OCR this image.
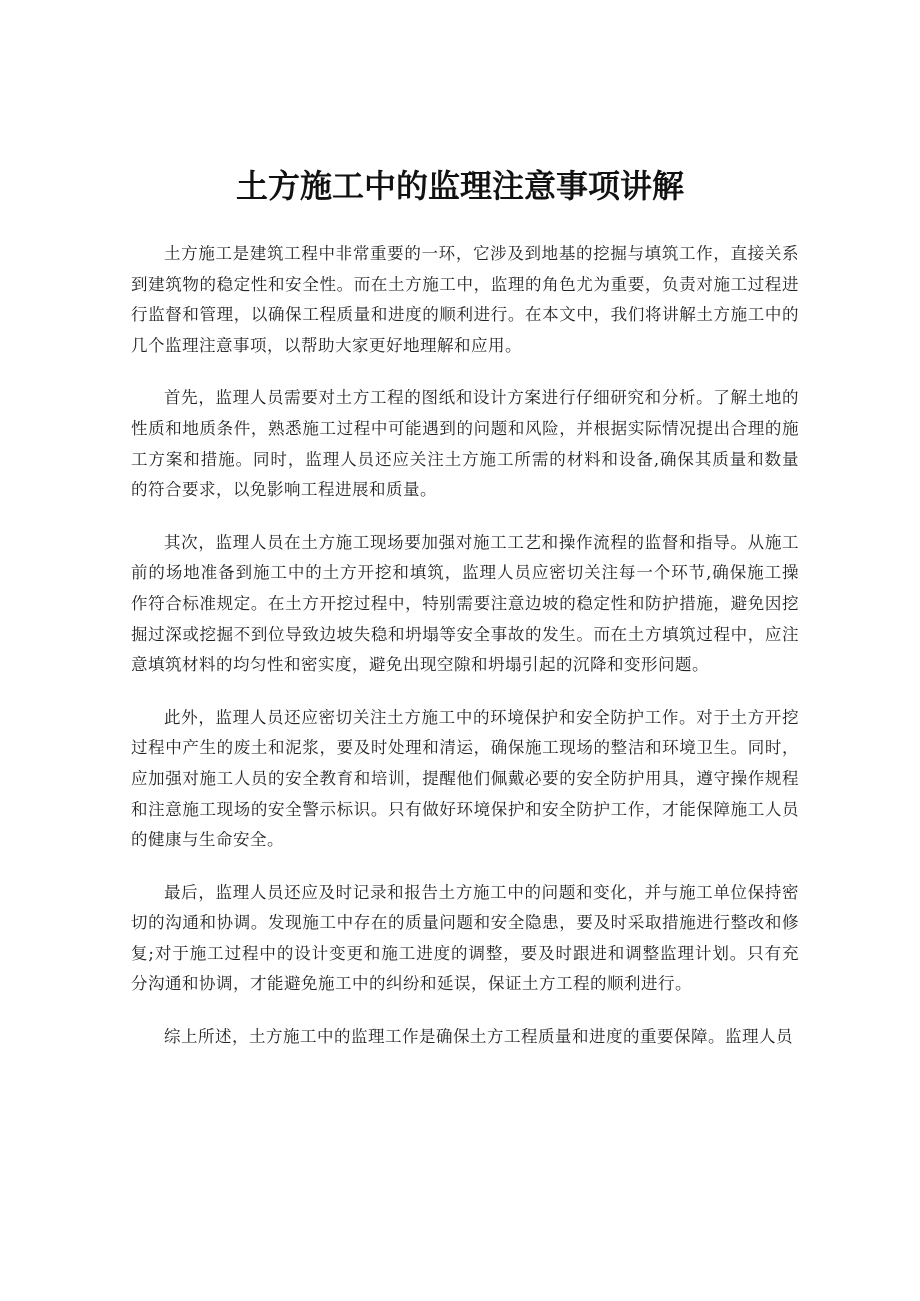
土方施工中的监理注意事项讲解

土方施工是建筑工程中非常重要的一环，它涉及到地基的挖掘与填筑工作，直接关系到建筑物的稳定性和安全性。而在土方施工中，监理的角色尤为重要，负责对施工过程进行监督和管理，以确保工程质量和进度的顺利进行。在本文中，我们将讲解土方施工中的几个监理注意事项，以帮助大家更好地理解和应用。

首先，监理人员需要对土方工程的图纸和设计方案进行仔细研究和分析。了解土地的性质和地质条件，熟悉施工过程中可能遇到的问题和风险，并根据实际情况提出合理的施工方案和措施。同时，监理人员还应关注土方施工所需的材料和设备,确保其质量和数量的符合要求，以免影响工程进展和质量。

其次，监理人员在土方施工现场要加强对施工工艺和操作流程的监督和指导。从施工前的场地准备到施工中的土方开挖和填筑，监理人员应密切关注每一个环节,确保施工操作符合标准规定。在土方开挖过程中，特别需要注意边坡的稳定性和防护措施，避免因挖掘过深或挖掘不到位导致边坡失稳和坍塌等安全事故的发生。而在土方填筑过程中，应注意填筑材料的均匀性和密实度，避免出现空隙和坍塌引起的沉降和变形问题。

此外，监理人员还应密切关注土方施工中的环境保护和安全防护工作。对于土方开挖过程中产生的废土和泥浆，要及时处理和清运，确保施工现场的整洁和环境卫生。同时，应加强对施工人员的安全教育和培训，提醒他们佩戴必要的安全防护用具，遵守操作规程和注意施工现场的安全警示标识。只有做好环境保护和安全防护工作，才能保障施工人员的健康与生命安全。

最后，监理人员还应及时记录和报告土方施工中的问题和变化，并与施工单位保持密切的沟通和协调。发现施工中存在的质量问题和安全隐患，要及时采取措施进行整改和修复;对于施工过程中的设计变更和施工进度的调整，要及时跟进和调整监理计划。只有充分沟通和协调，才能避免施工中的纠纷和延误，保证土方工程的顺利进行。

综上所述，土方施工中的监理工作是确保土方工程质量和进度的重要保障。监理人员
